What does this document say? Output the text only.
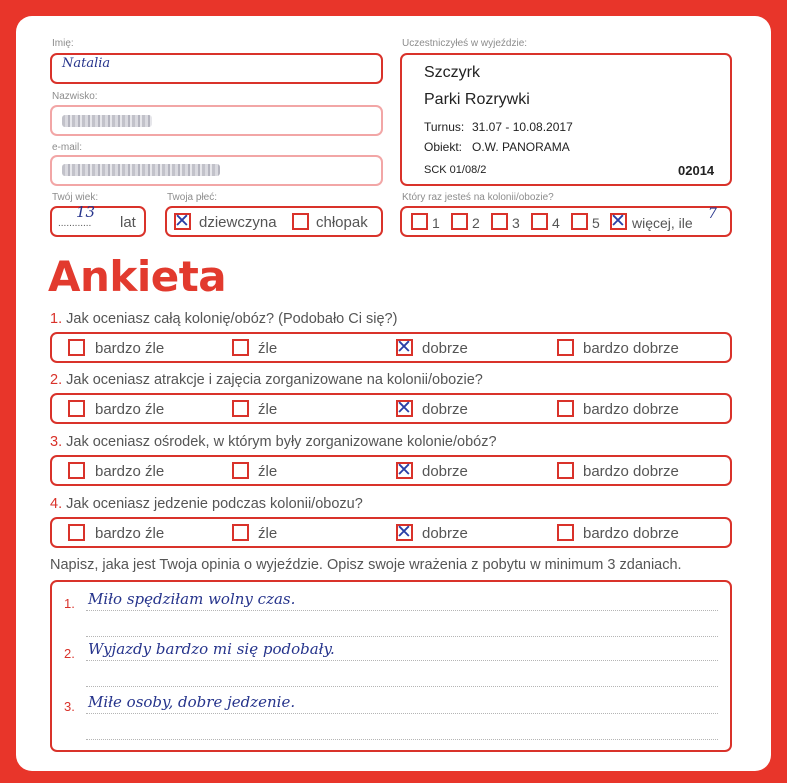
Imię:
Natalia
Nazwisko:
e-mail:
Twój wiek:
13
............ lat
Twoja płeć:
✕ dziewczyna	chłopak
Uczestniczyłeś w wyjeździe:
Szczyrk
Parki Rozrywki
Turnus: 31.07 - 10.08.2017
Obiekt: O.W. PANORAMA
SCK 01/08/2	02014
Który raz jesteś na kolonii/obozie?
1 2 3 4 5 ✕ więcej, ile
7
Ankieta
1. Jak oceniasz całą kolonię/obóz? (Podobało Ci się?)
bardzo źle	źle	✕ dobrze	bardzo dobrze
2. Jak oceniasz atrakcje i zajęcia zorganizowane na kolonii/obozie?
bardzo źle	źle	✕ dobrze	bardzo dobrze
3. Jak oceniasz ośrodek, w którym były zorganizowane kolonie/obóz?
bardzo źle	źle	✕ dobrze	bardzo dobrze
4. Jak oceniasz jedzenie podczas kolonii/obozu?
bardzo źle	źle	✕ dobrze	bardzo dobrze
Napisz, jaka jest Twoja opinia o wyjeździe. Opisz swoje wrażenia z pobytu w minimum 3 zdaniach.
1. Miło spędziłam wolny czas.
2. Wyjazdy bardzo mi się podobały.
3. Miłe osoby, dobre jedzenie.
